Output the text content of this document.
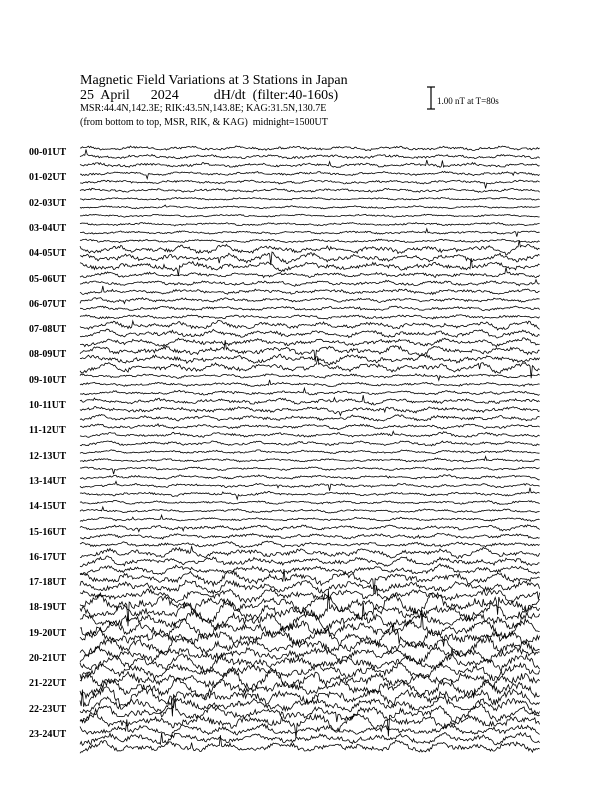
Magnetic Field Variations at 3 Stations in Japan
25  April      2024          dH/dt  (filter:40-160s)
MSR:44.4N,142.3E; RIK:43.5N,143.8E; KAG:31.5N,130.7E
(from bottom to top, MSR, RIK, & KAG)  midnight=1500UT
1.00 nT at T=80s
00-01UT
01-02UT
02-03UT
03-04UT
04-05UT
05-06UT
06-07UT
07-08UT
08-09UT
09-10UT
10-11UT
11-12UT
12-13UT
13-14UT
14-15UT
15-16UT
16-17UT
17-18UT
18-19UT
19-20UT
20-21UT
21-22UT
22-23UT
23-24UT
